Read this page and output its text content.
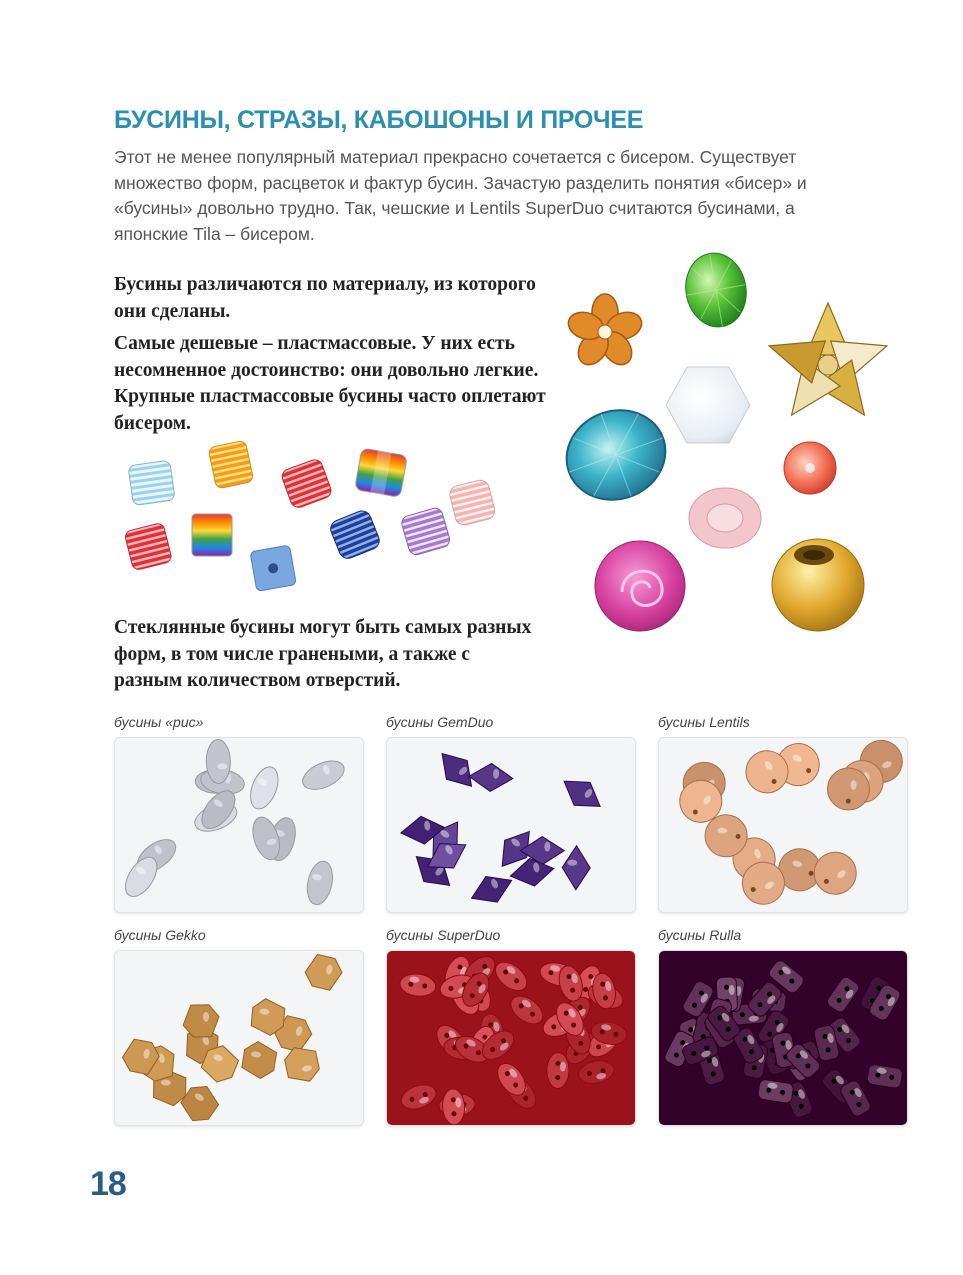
БУСИНЫ, СТРАЗЫ, КАБОШОНЫ И ПРОЧЕЕ

Этот не менее популярный материал прекрасно сочетается с бисером. Существует множество форм, расцветок и фактур бусин. Зачастую разделить понятия «бисер» и «бусины» довольно трудно. Так, чешские и Lentils SuperDuo считаются бусинами, а японские Tila – бисером.

Бусины различаются по материалу, из которого они сделаны.

Самые дешевые – пластмассовые. У них есть несомненное достоинство: они довольно легкие. Крупные пластмассовые бусины часто оплетают бисером.

Стеклянные бусины могут быть самых разных форм, в том числе гранеными, а также с разным количеством отверстий.

бусины «рис»	бусины GemDuo	бусины Lentils
бусины Gekko	бусины SuperDuo	бусины Rulla
18
